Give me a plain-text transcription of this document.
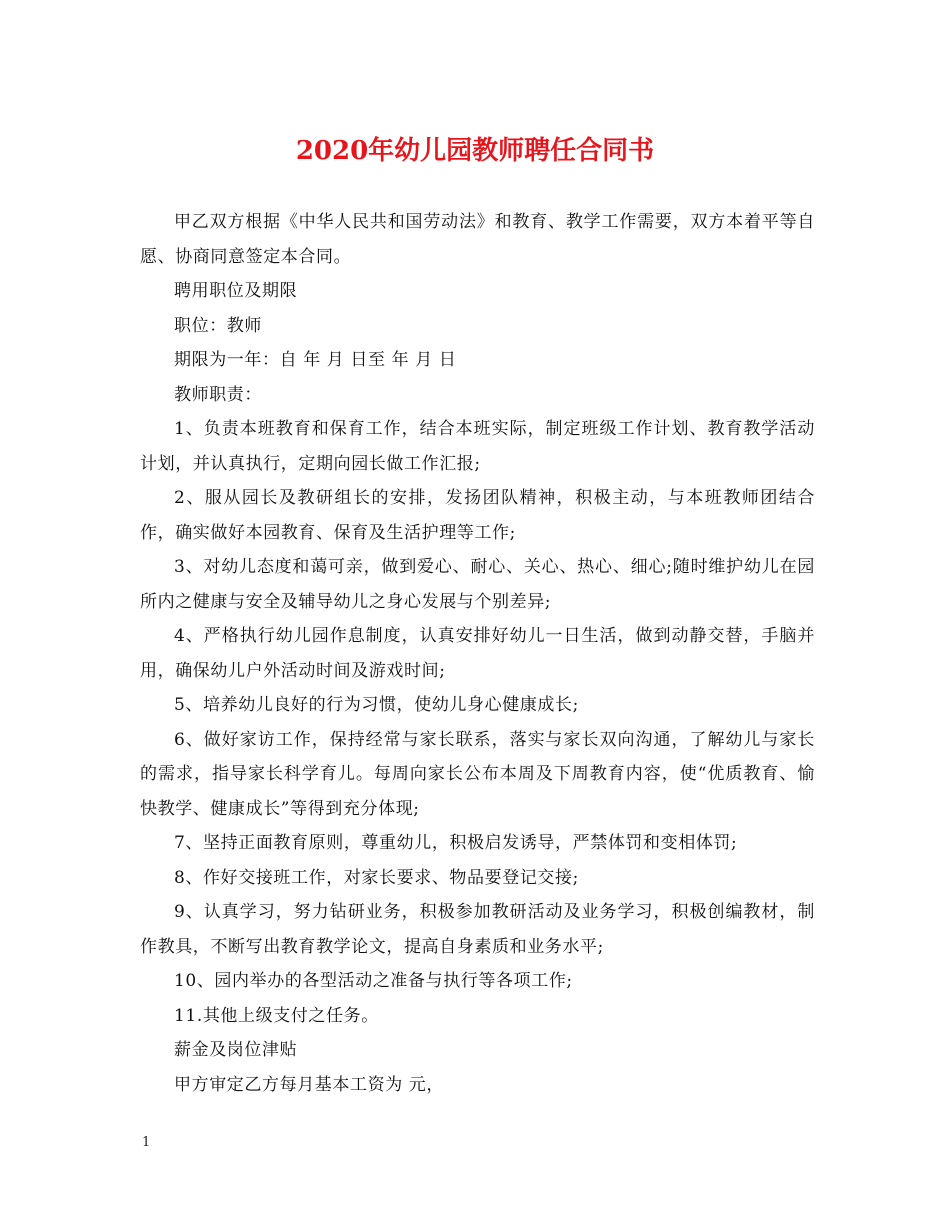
2020年幼儿园教师聘任合同书

甲乙双方根据《中华人民共和国劳动法》和教育、教学工作需要，双方本着平等自愿、协商同意签定本合同。

聘用职位及期限

职位：教师

期限为一年：自 年 月 日至 年 月 日

教师职责：

1、负责本班教育和保育工作，结合本班实际，制定班级工作计划、教育教学活动计划，并认真执行，定期向园长做工作汇报;

2、服从园长及教研组长的安排，发扬团队精神，积极主动，与本班教师团结合作，确实做好本园教育、保育及生活护理等工作;

3、对幼儿态度和蔼可亲，做到爱心、耐心、关心、热心、细心;随时维护幼儿在园所内之健康与安全及辅导幼儿之身心发展与个别差异;

4、严格执行幼儿园作息制度，认真安排好幼儿一日生活，做到动静交替，手脑并用，确保幼儿户外活动时间及游戏时间;

5、培养幼儿良好的行为习惯，使幼儿身心健康成长;

6、做好家访工作，保持经常与家长联系，落实与家长双向沟通，了解幼儿与家长的需求，指导家长科学育儿。每周向家长公布本周及下周教育内容，使“优质教育、愉快教学、健康成长”等得到充分体现;

7、坚持正面教育原则，尊重幼儿，积极启发诱导，严禁体罚和变相体罚;

8、作好交接班工作，对家长要求、物品要登记交接;

9、认真学习，努力钻研业务，积极参加教研活动及业务学习，积极创编教材，制作教具，不断写出教育教学论文，提高自身素质和业务水平;

10、园内举办的各型活动之准备与执行等各项工作;

11.其他上级支付之任务。

薪金及岗位津贴

甲方审定乙方每月基本工资为 元，

1
